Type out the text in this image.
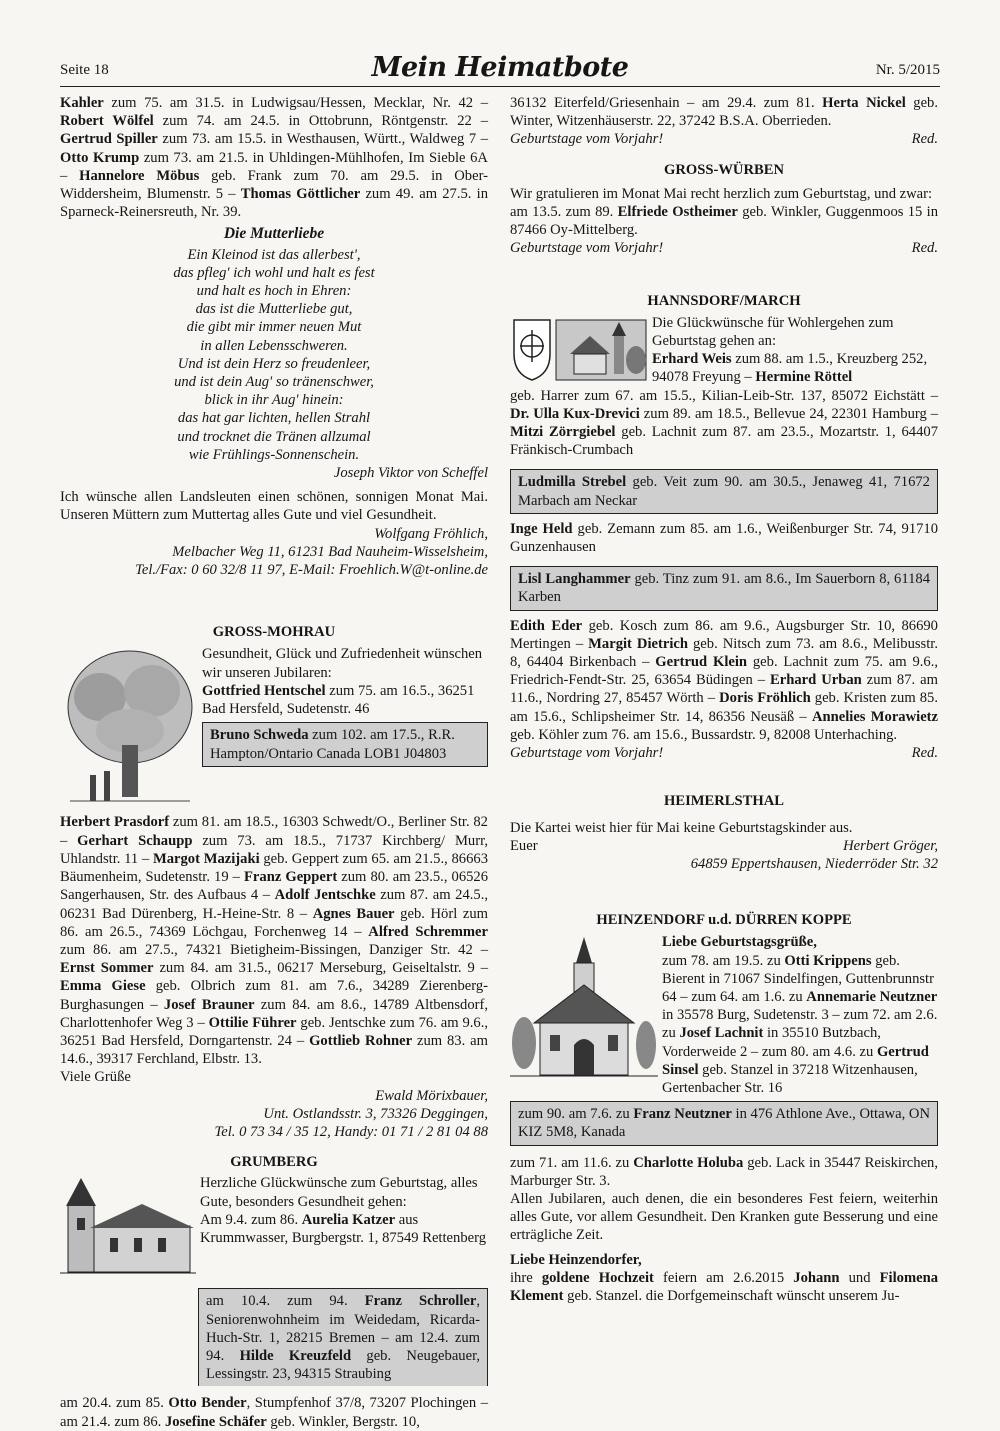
Seite 18	Mein Heimatbote	Nr. 5/2015

Kahler zum 75. am 31.5. in Ludwigsau/Hessen, Mecklar, Nr. 42 – Robert Wölfel zum 74. am 24.5. in Ottobrunn, Röntgenstr. 22 – Gertrud Spiller zum 73. am 15.5. in Westhausen, Württ., Waldweg 7 – Otto Krump zum 73. am 21.5. in Uhldingen-Mühlhofen, Im Sieble 6A – Hannelore Möbus geb. Frank zum 70. am 29.5. in Ober-Widdersheim, Blumenstr. 5 – Thomas Göttlicher zum 49. am 27.5. in Sparneck-Reinersreuth, Nr. 39.

Die Mutterliebe

Ein Kleinod ist das allerbest',

das pfleg' ich wohl und halt es fest

und halt es hoch in Ehren:

das ist die Mutterliebe gut,

die gibt mir immer neuen Mut

in allen Lebensschweren.

Und ist dein Herz so freudenleer,

und ist dein Aug' so tränenschwer,

blick in ihr Aug' hinein:

das hat gar lichten, hellen Strahl

und trocknet die Tränen allzumal

wie Frühlings-Sonnenschein.

Joseph Viktor von Scheffel

Ich wünsche allen Landsleuten einen schönen, sonnigen Monat Mai. Unseren Müttern zum Muttertag alles Gute und viel Gesundheit.

Wolfgang Fröhlich,

Melbacher Weg 11, 61231 Bad Nauheim-Wisselsheim,

Tel./Fax: 0 60 32/8 11 97, E-Mail: Froehlich.W@t-online.de

GROSS-MOHRAU

Gesundheit, Glück und Zufriedenheit wünschen wir unseren Jubilaren:

Gottfried Hentschel zum 75. am 16.5., 36251 Bad Hersfeld, Sudetenstr. 46

Bruno Schweda zum 102. am 17.5., R.R. Hampton/Ontario Canada LOB1 J04803

Herbert Prasdorf zum 81. am 18.5., 16303 Schwedt/O., Berliner Str. 82 – Gerhart Schaupp zum 73. am 18.5., 71737 Kirchberg/ Murr, Uhlandstr. 11 – Margot Mazijaki geb. Geppert zum 65. am 21.5., 86663 Bäumenheim, Sudetenstr. 19 – Franz Geppert zum 80. am 23.5., 06526 Sangerhausen, Str. des Aufbaus 4 – Adolf Jentschke zum 87. am 24.5., 06231 Bad Dürenberg, H.-Heine-Str. 8 – Agnes Bauer geb. Hörl zum 86. am 26.5., 74369 Löchgau, Forchenweg 14 – Alfred Schremmer zum 86. am 27.5., 74321 Bietigheim-Bissingen, Danziger Str. 42 – Ernst Sommer zum 84. am 31.5., 06217 Merseburg, Geiseltalstr. 9 – Emma Giese geb. Olbrich zum 81. am 7.6., 34289 Zierenberg-Burghasungen – Josef Brauner zum 84. am 8.6., 14789 Altbensdorf, Charlottenhofer Weg 3 – Ottilie Führer geb. Jentschke zum 76. am 9.6., 36251 Bad Hersfeld, Dorngartenstr. 24 – Gottlieb Rohner zum 83. am 14.6., 39317 Ferchland, Elbstr. 13.

Viele Grüße

Ewald Mörixbauer,

Unt. Ostlandsstr. 3, 73326 Deggingen,

Tel. 0 73 34 / 35 12, Handy: 01 71 / 2 81 04 88

GRUMBERG

Herzliche Glückwünsche zum Geburtstag, alles Gute, besonders Gesundheit gehen:

Am 9.4. zum 86. Aurelia Katzer aus Krummwasser, Burgbergstr. 1, 87549 Rettenberg

am 10.4. zum 94. Franz Schroller, Seniorenwohnheim im Weidedam, Ricarda-Huch-Str. 1, 28215 Bremen – am 12.4. zum 94. Hilde Kreuzfeld geb. Neugebauer, Lessingstr. 23, 94315 Straubing

am 20.4. zum 85. Otto Bender, Stumpfenhof 37/8, 73207 Plochingen – am 21.4. zum 86. Josefine Schäfer geb. Winkler, Bergstr. 10,

36132 Eiterfeld/Griesenhain – am 29.4. zum 81. Herta Nickel geb. Winter, Witzenhäuserstr. 22, 37242 B.S.A. Oberrieden.

Geburtstage vom Vorjahr!	Red.

GROSS-WÜRBEN

Wir gratulieren im Monat Mai recht herzlich zum Geburtstag, und zwar:

am 13.5. zum 89. Elfriede Ostheimer geb. Winkler, Guggenmoos 15 in 87466 Oy-Mittelberg.

Geburtstage vom Vorjahr!	Red.

HANNSDORF/MARCH

Die Glückwünsche für Wohlergehen zum Geburtstag gehen an:

Erhard Weis zum 88. am 1.5., Kreuzberg 252, 94078 Freyung – Hermine Röttel

geb. Harrer zum 67. am 15.5., Kilian-Leib-Str. 137, 85072 Eichstätt – Dr. Ulla Kux-Drevici zum 89. am 18.5., Bellevue 24, 22301 Hamburg – Mitzi Zörrgiebel geb. Lachnit zum 87. am 23.5., Mozartstr. 1, 64407 Fränkisch-Crumbach

Ludmilla Strebel geb. Veit zum 90. am 30.5., Jenaweg 41, 71672 Marbach am Neckar

Inge Held geb. Zemann zum 85. am 1.6., Weißenburger Str. 74, 91710 Gunzenhausen

Lisl Langhammer geb. Tinz zum 91. am 8.6., Im Sauerborn 8, 61184 Karben

Edith Eder geb. Kosch zum 86. am 9.6., Augsburger Str. 10, 86690 Mertingen – Margit Dietrich geb. Nitsch zum 73. am 8.6., Melibusstr. 8, 64404 Birkenbach – Gertrud Klein geb. Lachnit zum 75. am 9.6., Friedrich-Fendt-Str. 25, 63654 Büdingen – Erhard Urban zum 87. am 11.6., Nordring 27, 85457 Wörth – Doris Fröhlich geb. Kristen zum 85. am 15.6., Schlipsheimer Str. 14, 86356 Neusäß – Annelies Morawietz geb. Köhler zum 76. am 15.6., Bussardstr. 9, 82008 Unterhaching.

Geburtstage vom Vorjahr!	Red.

HEIMERLSTHAL

Die Kartei weist hier für Mai keine Geburtstagskinder aus.

Euer	Herbert Gröger,

64859 Eppertshausen, Niederröder Str. 32

HEINZENDORF u.d. DÜRREN KOPPE

Liebe Geburtstagsgrüße,

zum 78. am 19.5. zu Otti Krippens geb. Bierent in 71067 Sindelfingen, Guttenbrunnstr 64 – zum 64. am 1.6. zu Annemarie Neutzner in 35578 Burg, Sudetenstr. 3 – zum 72. am 2.6. zu Josef Lachnit in 35510 Butzbach, Vorderweide 2 – zum 80. am 4.6. zu Gertrud Sinsel geb. Stanzel in 37218 Witzenhausen, Gertenbacher Str. 16

zum 90. am 7.6. zu Franz Neutzner in 476 Athlone Ave., Ottawa, ON KIZ 5M8, Kanada

zum 71. am 11.6. zu Charlotte Holuba geb. Lack in 35447 Reiskirchen, Marburger Str. 3.

Allen Jubilaren, auch denen, die ein besonderes Fest feiern, weiterhin alles Gute, vor allem Gesundheit. Den Kranken gute Besserung und eine erträgliche Zeit.

Liebe Heinzendorfer,

ihre goldene Hochzeit feiern am 2.6.2015 Johann und Filomena Klement geb. Stanzel. die Dorfgemeinschaft wünscht unserem Ju-
